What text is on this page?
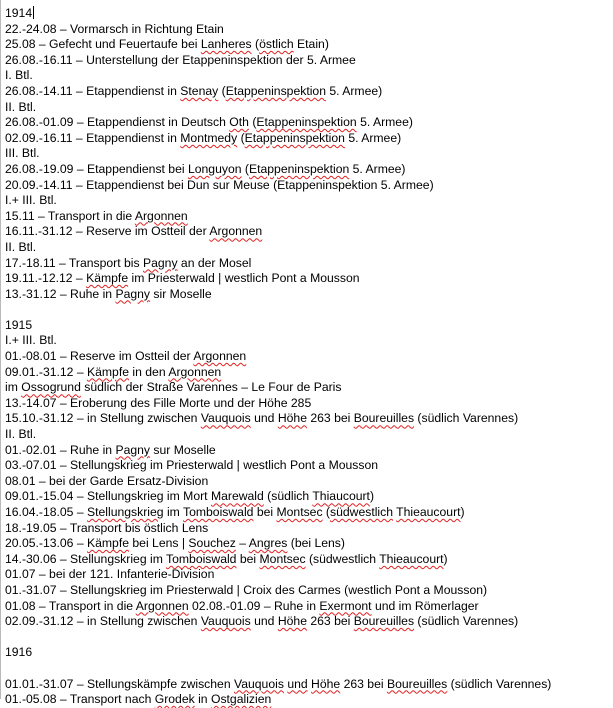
1914
22.-24.08 – Vormarsch in Richtung Etain
25.08 – Gefecht und Feuertaufe bei Lanheres (östlich Etain)
26.08.-16.11 – Unterstellung der Etappeninspektion der 5. Armee
I. Btl.
26.08.-14.11 – Etappendienst in Stenay (Etappeninspektion 5. Armee)
II. Btl.
26.08.-01.09 – Etappendienst in Deutsch Oth (Etappeninspektion 5. Armee)
02.09.-16.11 – Etappendienst in Montmedy (Etappeninspektion 5. Armee)
III. Btl.
26.08.-19.09 – Etappendienst bei Longuyon (Etappeninspektion 5. Armee)
20.09.-14.11 – Etappendienst bei Dun sur Meuse (Etappeninspektion 5. Armee)
I.+ III. Btl.
15.11 – Transport in die Argonnen
16.11.-31.12 – Reserve im Ostteil der Argonnen
II. Btl.
17.-18.11 – Transport bis Pagny an der Mosel
19.11.-12.12 – Kämpfe im Priesterwald | westlich Pont a Mousson
13.-31.12 – Ruhe in Pagny sir Moselle
1915
I.+ III. Btl.
01.-08.01 – Reserve im Ostteil der Argonnen
09.01.-31.12 – Kämpfe in den Argonnen
im Ossogrund südlich der Straße Varennes – Le Four de Paris
13.-14.07 – Eroberung des Fille Morte und der Höhe 285
15.10.-31.12 – in Stellung zwischen Vauquois und Höhe 263 bei Boureuilles (südlich Varennes)
II. Btl.
01.-02.01 – Ruhe in Pagny sur Moselle
03.-07.01 – Stellungskrieg im Priesterwald | westlich Pont a Mousson
08.01 – bei der Garde Ersatz-Division
09.01.-15.04 – Stellungskrieg im Mort Marewald (südlich Thiaucourt)
16.04.-18.05 – Stellungskrieg im Tomboiswald bei Montsec (südwestlich Thieaucourt)
18.-19.05 – Transport bis östlich Lens
20.05.-13.06 – Kämpfe bei Lens | Souchez – Angres (bei Lens)
14.-30.06 – Stellungskrieg im Tomboiswald bei Montsec (südwestlich Thieaucourt)
01.07 – bei der 121. Infanterie-Division
01.-31.07 – Stellungskrieg im Priesterwald | Croix des Carmes (westlich Pont a Mousson)
01.08 – Transport in die Argonnen 02.08.-01.09 – Ruhe in Exermont und im Römerlager
02.09.-31.12 – in Stellung zwischen Vauquois und Höhe 263 bei Boureuilles (südlich Varennes)
1916
01.01.-31.07 – Stellungskämpfe zwischen Vauquois und Höhe 263 bei Boureuilles (südlich Varennes)
01.-05.08 – Transport nach Grodek in Ostgalizien
